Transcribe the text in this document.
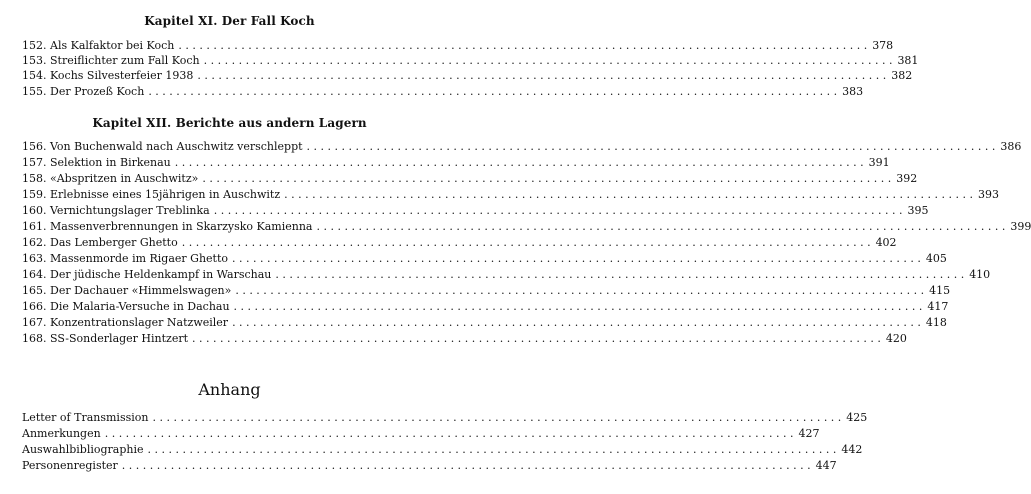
Kapitel XI. Der Fall Koch
152. Als Kalfaktor bei Koch . . .	378
153. Streiflichter zum Fall Koch . . .	381
154. Kochs Silvesterfeier 1938 . . .	382
155. Der Prozeß Koch . . .	383
Kapitel XII. Berichte aus andern Lagern
156. Von Buchenwald nach Auschwitz verschleppt . . .	386
157. Selektion in Birkenau . . .	391
158. «Abspritzen in Auschwitz» . . .	392
159. Erlebnisse eines 15jährigen in Auschwitz . . .	393
160. Vernichtungslager Treblinka . . .	395
161. Massenverbrennungen in Skarzysko Kamienna . . .	399
162. Das Lemberger Ghetto . . .	402
163. Massenmorde im Rigaer Ghetto . . .	405
164. Der jüdische Heldenkampf in Warschau . . .	410
165. Der Dachauer «Himmelswagen» . . .	415
166. Die Malaria-Versuche in Dachau . . .	417
167. Konzentrationslager Natzweiler . . .	418
168. SS-Sonderlager Hintzert . . .	420
Anhang
Letter of Transmission . . .	425
Anmerkungen . . .	427
Auswahlbibliographie . . .	442
Personenregister . . .	447
